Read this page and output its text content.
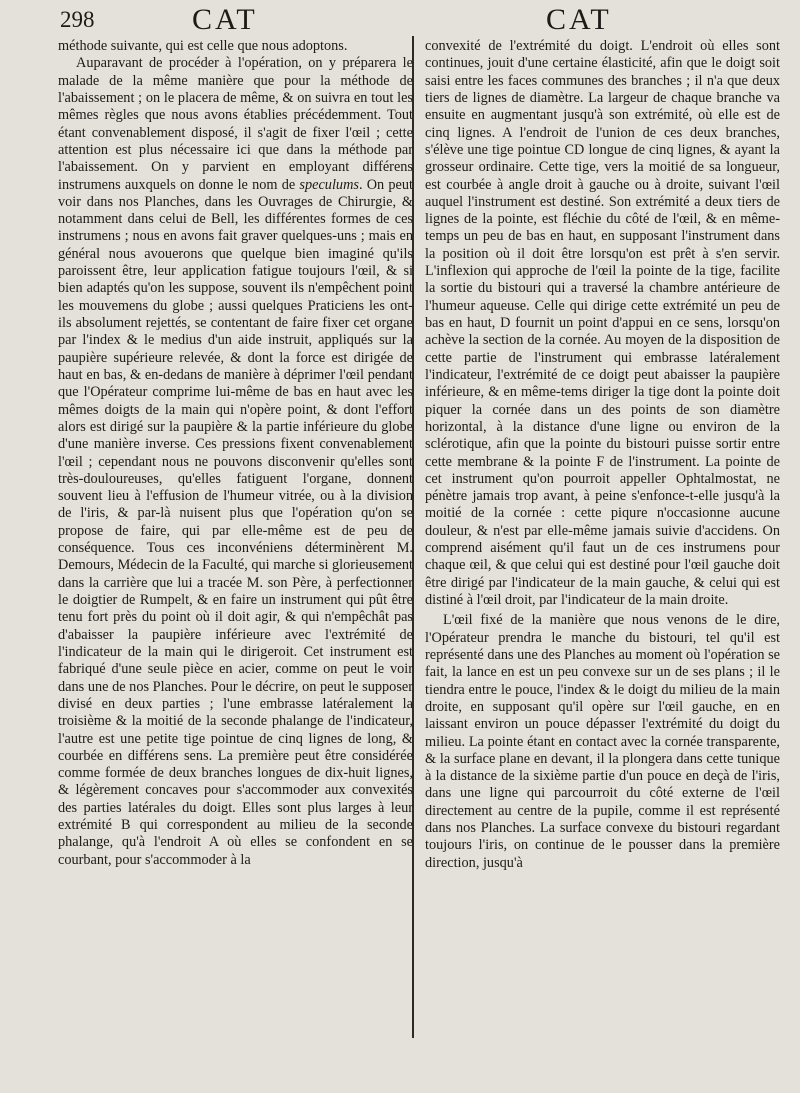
298	CAT	CAT

méthode suivante, qui est celle que nous adoptons.

Auparavant de procéder à l'opération, on y préparera le malade de la même manière que pour la méthode de l'abaissement ; on le placera de même, & on suivra en tout les mêmes règles que nous avons établies précédemment. Tout étant convenablement disposé, il s'agit de fixer l'œil ; cette attention est plus nécessaire ici que dans la méthode par l'abaissement. On y parvient en employant différens instrumens auxquels on donne le nom de speculums. On peut voir dans nos Planches, dans les Ouvrages de Chirurgie, & notamment dans celui de Bell, les différentes formes de ces instrumens ; nous en avons fait graver quelques-uns ; mais en général nous avouerons que quelque bien imaginé qu'ils paroissent être, leur application fatigue toujours l'œil, & si bien adaptés qu'on les suppose, souvent ils n'empêchent point les mouvemens du globe ; aussi quelques Praticiens les ont-ils absolument rejettés, se contentant de faire fixer cet organe par l'index & le medius d'un aide instruit, appliqués sur la paupière supérieure relevée, & dont la force est dirigée de haut en bas, & en-dedans de manière à déprimer l'œil pendant que l'Opérateur comprime lui-même de bas en haut avec les mêmes doigts de la main qui n'opère point, & dont l'effort alors est dirigé sur la paupière & la partie inférieure du globe d'une manière inverse. Ces pressions fixent convenablement l'œil ; cependant nous ne pouvons disconvenir qu'elles sont très-douloureuses, qu'elles fatiguent l'organe, donnent souvent lieu à l'effusion de l'humeur vitrée, ou à la division de l'iris, & par-là nuisent plus que l'opération qu'on se propose de faire, qui par elle-même est de peu de conséquence. Tous ces inconvéniens déterminèrent M. Demours, Médecin de la Faculté, qui marche si glorieusement dans la carrière que lui a tracée M. son Père, à perfectionner le doigtier de Rumpelt, & en faire un instrument qui pût être tenu fort près du point où il doit agir, & qui n'empêchât pas d'abaisser la paupière inférieure avec l'extrémité de l'indicateur de la main qui le dirigeroit. Cet instrument est fabriqué d'une seule pièce en acier, comme on peut le voir dans une de nos Planches. Pour le décrire, on peut le supposer divisé en deux parties ; l'une embrasse latéralement la troisième & la moitié de la seconde phalange de l'indicateur, l'autre est une petite tige pointue de cinq lignes de long, & courbée en différens sens. La première peut être considérée comme formée de deux branches longues de dix-huit lignes, & légèrement concaves pour s'accommoder aux convexités des parties latérales du doigt. Elles sont plus larges à leur extrémité B qui correspondent au milieu de la seconde phalange, qu'à l'endroit A où elles se confondent en se courbant, pour s'accommoder à la

convexité de l'extrémité du doigt. L'endroit où elles sont continues, jouit d'une certaine élasticité, afin que le doigt soit saisi entre les faces communes des branches ; il n'a que deux tiers de lignes de diamètre. La largeur de chaque branche va ensuite en augmentant jusqu'à son extrémité, où elle est de cinq lignes. A l'endroit de l'union de ces deux branches, s'élève une tige pointue CD longue de cinq lignes, & ayant la grosseur ordinaire. Cette tige, vers la moitié de sa longueur, est courbée à angle droit à gauche ou à droite, suivant l'œil auquel l'instrument est destiné. Son extrémité a deux tiers de lignes de la pointe, est fléchie du côté de l'œil, & en même-temps un peu de bas en haut, en supposant l'instrument dans la position où il doit être lorsqu'on est prêt à s'en servir. L'inflexion qui approche de l'œil la pointe de la tige, facilite la sortie du bistouri qui a traversé la chambre antérieure de l'humeur aqueuse. Celle qui dirige cette extrémité un peu de bas en haut, D fournit un point d'appui en ce sens, lorsqu'on achève la section de la cornée. Au moyen de la disposition de cette partie de l'instrument qui embrasse latéralement l'indicateur, l'extrémité de ce doigt peut abaisser la paupière inférieure, & en même-tems diriger la tige dont la pointe doit piquer la cornée dans un des points de son diamètre horizontal, à la distance d'une ligne ou environ de la sclérotique, afin que la pointe du bistouri puisse sortir entre cette membrane & la pointe F de l'instrument. La pointe de cet instrument qu'on pourroit appeller Ophtalmostat, ne pénètre jamais trop avant, à peine s'enfonce-t-elle jusqu'à la moitié de la cornée : cette piqure n'occasionne aucune douleur, & n'est par elle-même jamais suivie d'accidens. On comprend aisément qu'il faut un de ces instrumens pour chaque œil, & que celui qui est destiné pour l'œil gauche doit être dirigé par l'indicateur de la main gauche, & celui qui est distiné à l'œil droit, par l'indicateur de la main droite.

L'œil fixé de la manière que nous venons de le dire, l'Opérateur prendra le manche du bistouri, tel qu'il est représenté dans une des Planches au moment où l'opération se fait, la lance en est un peu convexe sur un de ses plans ; il le tiendra entre le pouce, l'index & le doigt du milieu de la main droite, en supposant qu'il opère sur l'œil gauche, en en laissant environ un pouce dépasser l'extrémité du doigt du milieu. La pointe étant en contact avec la cornée transparente, & la surface plane en devant, il la plongera dans cette tunique à la distance de la sixième partie d'un pouce en deçà de l'iris, dans une ligne qui parcourroit du côté externe de l'œil directement au centre de la pupile, comme il est représenté dans nos Planches. La surface convexe du bistouri regardant toujours l'iris, on continue de le pousser dans la première direction, jusqu'à
